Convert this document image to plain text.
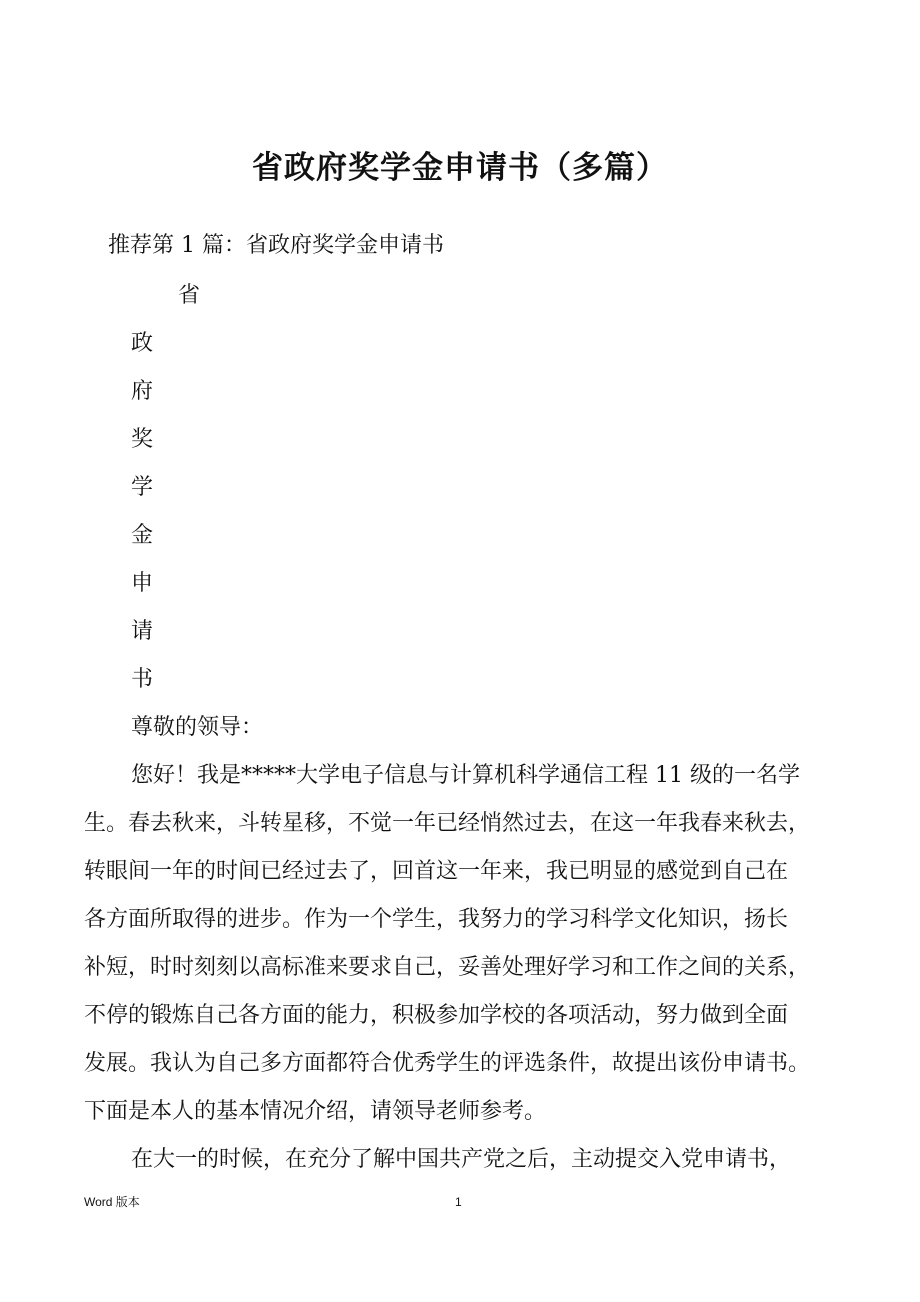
省政府奖学金申请书（多篇）
推荐第 1 篇：省政府奖学金申请书
省
政
府
奖
学
金
申
请
书
尊敬的领导：
您好！我是*****大学电子信息与计算机科学通信工程 11 级的一名学
生。春去秋来，斗转星移，不觉一年已经悄然过去，在这一年我春来秋去，
转眼间一年的时间已经过去了，回首这一年来，我已明显的感觉到自己在
各方面所取得的进步。作为一个学生，我努力的学习科学文化知识，扬长
补短，时时刻刻以高标准来要求自己，妥善处理好学习和工作之间的关系，
不停的锻炼自己各方面的能力，积极参加学校的各项活动，努力做到全面
发展。我认为自己多方面都符合优秀学生的评选条件，故提出该份申请书。
下面是本人的基本情况介绍，请领导老师参考。
在大一的时候，在充分了解中国共产党之后，主动提交入党申请书，
Word 版本	1
